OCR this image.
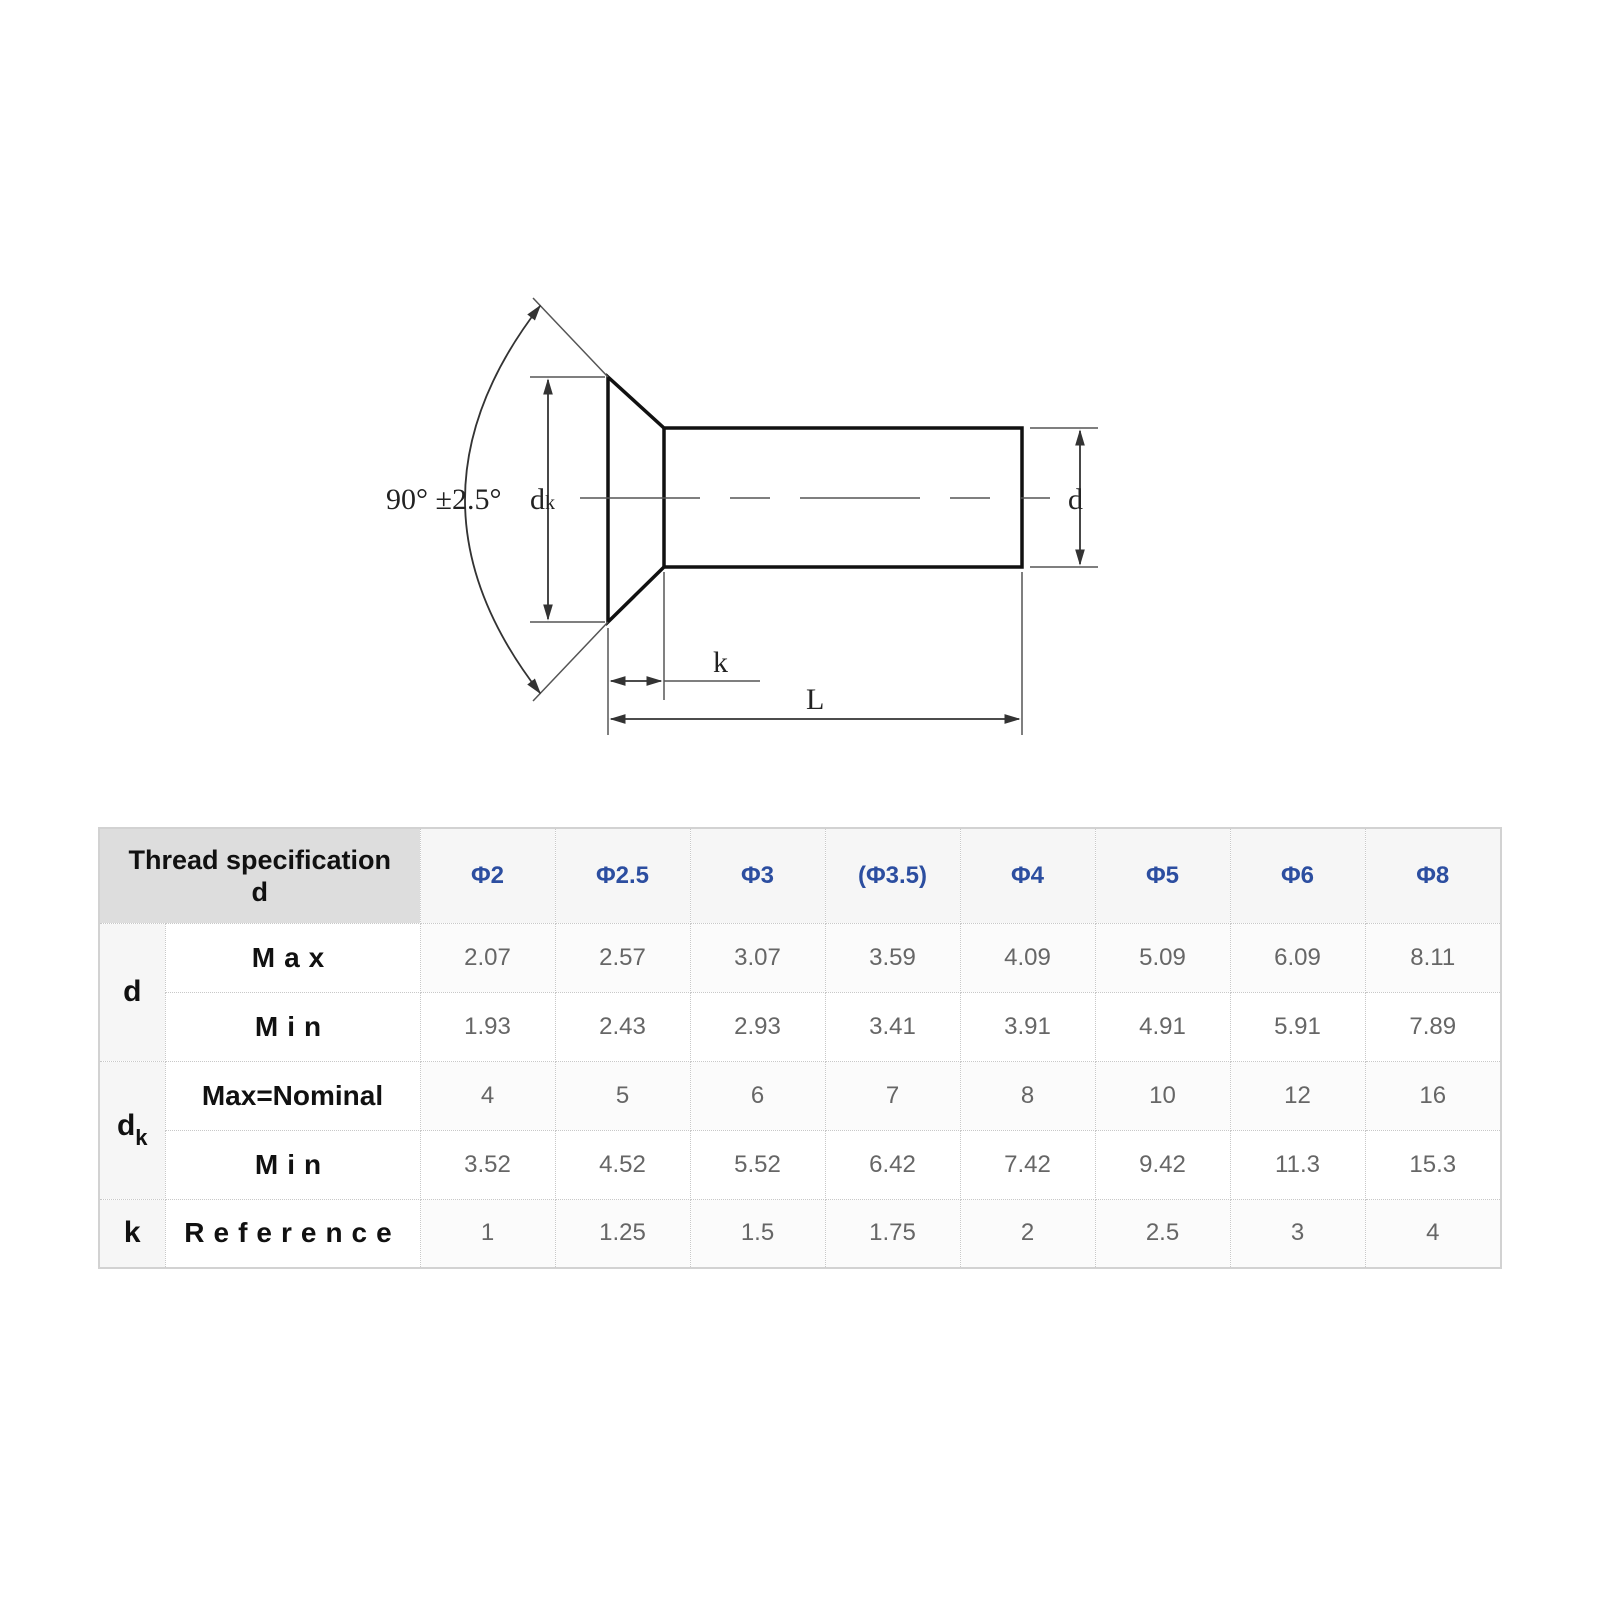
90° ±2.5° dk	d
k
L
Thread specification
d		Φ2	Φ2.5	Φ3	(Φ3.5)	Φ4	Φ5	Φ6	Φ8
d	Max	2.07	2.57	3.07	3.59	4.09	5.09	6.09	8.11
	Min	1.93	2.43	2.93	3.41	3.91	4.91	5.91	7.89
$d_k$	Max=Nominal	4	5	6	7	8	10	12	16
	Min	3.52	4.52	5.52	6.42	7.42	9.42	11.3	15.3
k	Reference	1	1.25	1.5	1.75	2	2.5	3	4
